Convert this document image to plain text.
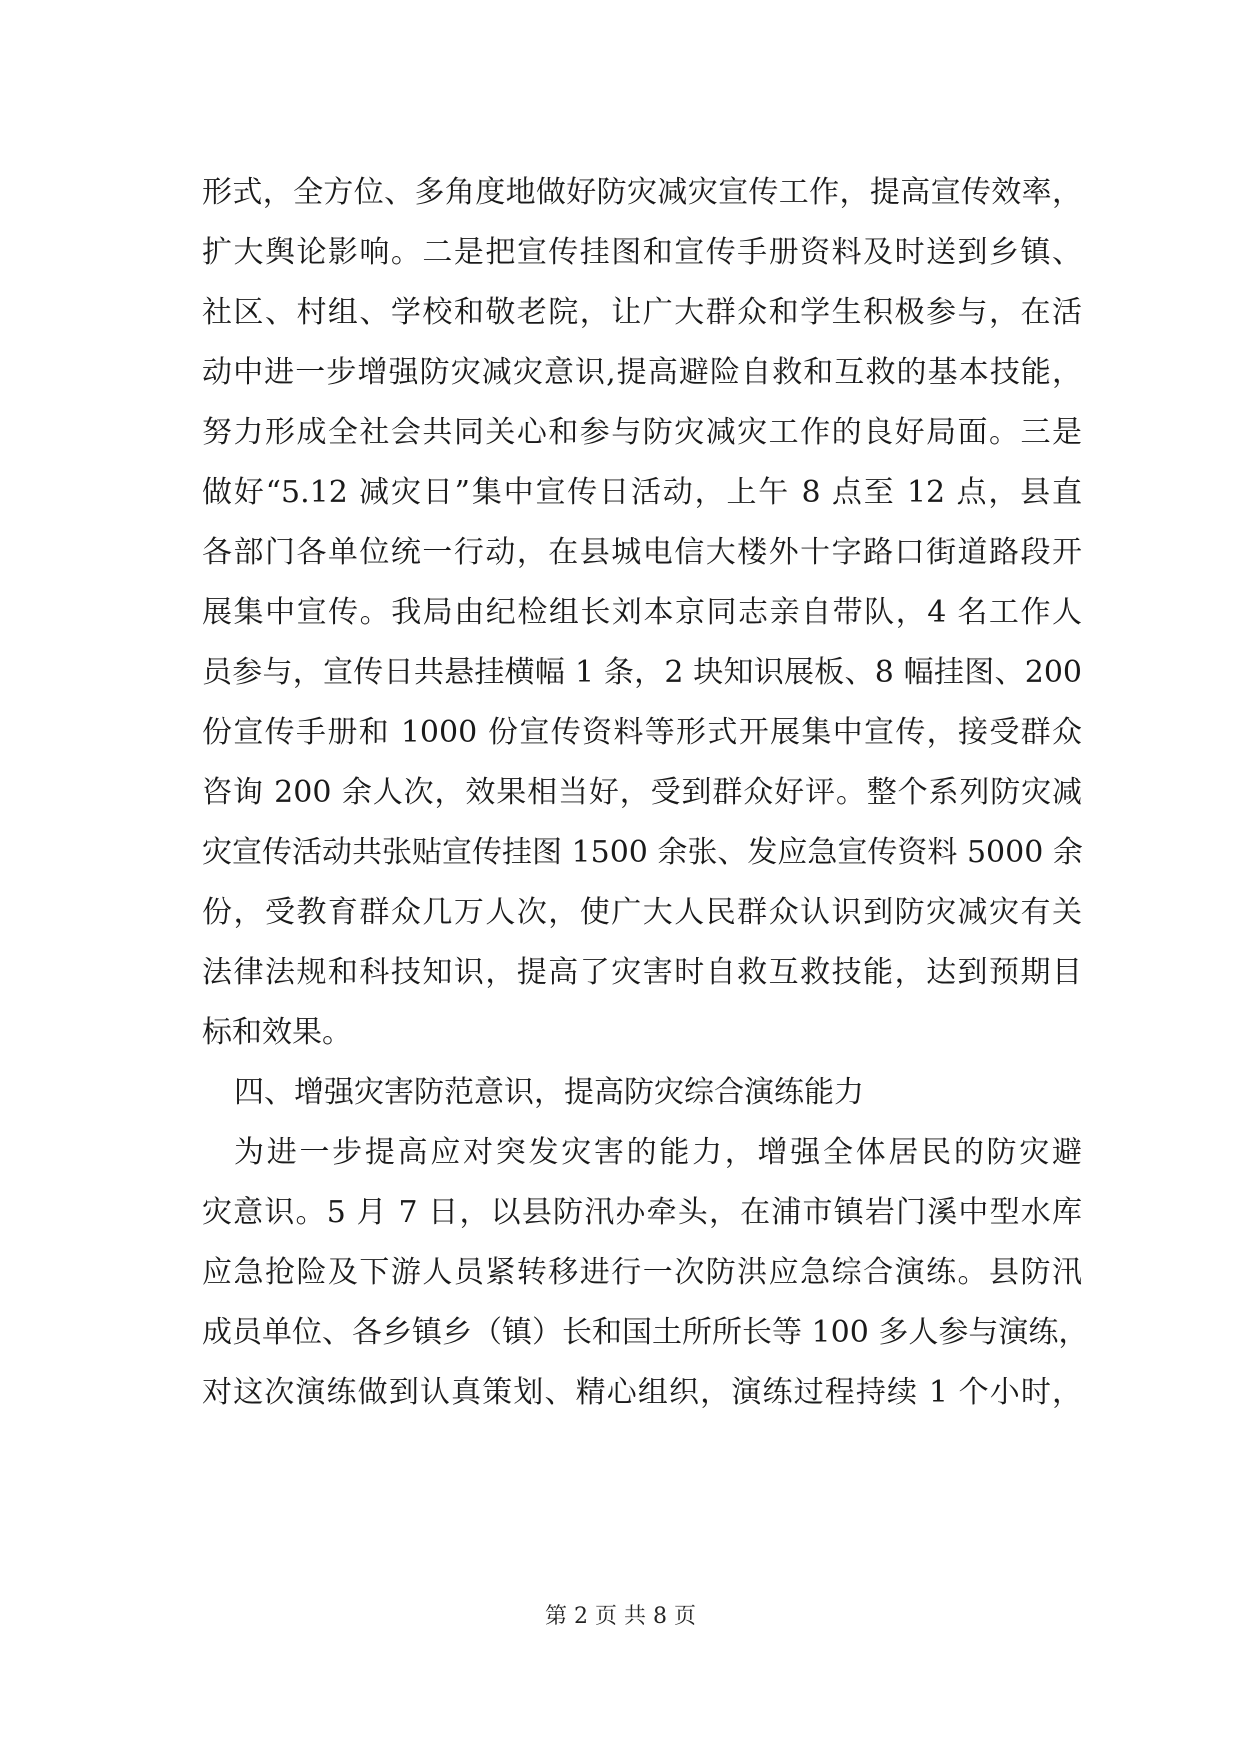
形式，全方位、多角度地做好防灾减灾宣传工作，提高宣传效率，
扩大舆论影响。二是把宣传挂图和宣传手册资料及时送到乡镇、
社区、村组、学校和敬老院，让广大群众和学生积极参与，在活
动中进一步增强防灾减灾意识,提高避险自救和互救的基本技能，
努力形成全社会共同关心和参与防灾减灾工作的良好局面。三是
做好“5.12 减灾日”集中宣传日活动，上午 8 点至 12 点，县直
各部门各单位统一行动，在县城电信大楼外十字路口街道路段开
展集中宣传。我局由纪检组长刘本京同志亲自带队，4 名工作人
员参与，宣传日共悬挂横幅 1 条，2 块知识展板、8 幅挂图、200
份宣传手册和 1000 份宣传资料等形式开展集中宣传，接受群众
咨询 200 余人次，效果相当好，受到群众好评。整个系列防灾减
灾宣传活动共张贴宣传挂图 1500 余张、发应急宣传资料 5000 余
份，受教育群众几万人次，使广大人民群众认识到防灾减灾有关
法律法规和科技知识，提高了灾害时自救互救技能，达到预期目
标和效果。
四、增强灾害防范意识，提高防灾综合演练能力
为进一步提高应对突发灾害的能力，增强全体居民的防灾避
灾意识。5 月 7 日，以县防汛办牵头，在浦市镇岩门溪中型水库
应急抢险及下游人员紧转移进行一次防洪应急综合演练。县防汛
成员单位、各乡镇乡（镇）长和国土所所长等 100 多人参与演练，
对这次演练做到认真策划、精心组织，演练过程持续 1 个小时，
第 2 页 共 8 页
